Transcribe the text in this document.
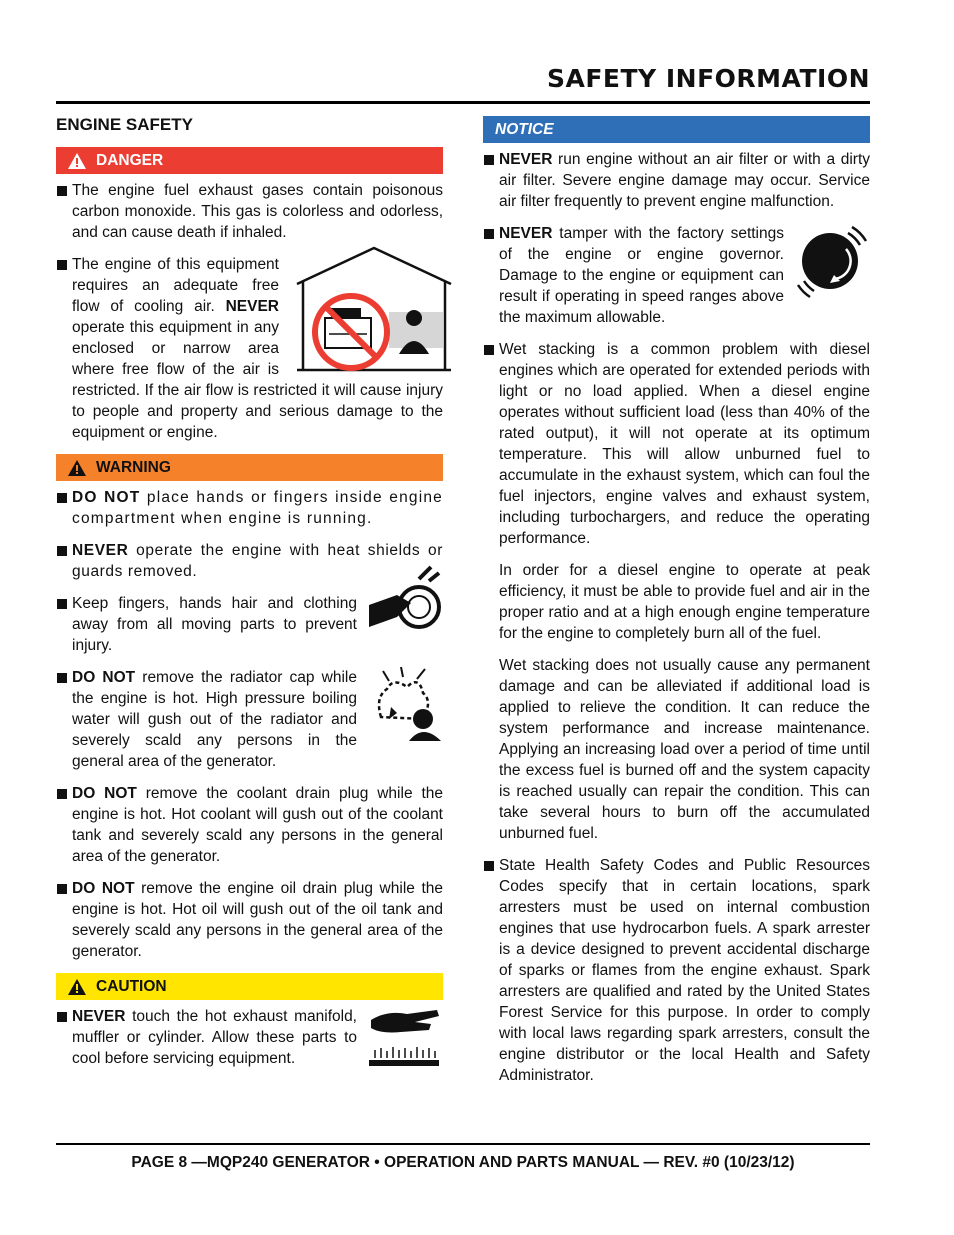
SAFETY INFORMATION
ENGINE SAFETY
DANGER
The engine fuel exhaust gases contain poisonous carbon monoxide. This gas is colorless and odorless, and can cause death if inhaled.
The engine of this equipment requires an adequate free flow of cooling air. NEVER operate this equipment in any enclosed or narrow area where free flow of the air is restricted. If the air flow is restricted it will cause injury to people and property and serious damage to the equipment or engine.
WARNING
DO NOT place hands or fingers inside engine compartment when engine is running.
NEVER operate the engine with heat shields or guards removed.
Keep fingers, hands hair and clothing away from all moving parts to prevent injury.
DO NOT remove the radiator cap while the engine is hot. High pressure boiling water will gush out of the radiator and severely scald any persons in the general area of the generator.
DO NOT remove the coolant drain plug while the engine is hot. Hot coolant will gush out of the coolant tank and severely scald any persons in the general area of the generator.
DO NOT remove the engine oil drain plug while the engine is hot. Hot oil will gush out of the oil tank and severely scald any persons in the general area of the generator.
CAUTION
NEVER touch the hot exhaust manifold, muffler or cylinder. Allow these parts to cool before servicing equipment.
NOTICE
NEVER run engine without an air filter or with a dirty air filter. Severe engine damage may occur. Service air filter frequently to prevent engine malfunction.
NEVER tamper with the factory settings of the engine or engine governor. Damage to the engine or equipment can result if operating in speed ranges above the maximum allowable.
Wet stacking is a common problem with diesel engines which are operated for extended periods with light or no load applied. When a diesel engine operates without sufficient load (less than 40% of the rated output), it will not operate at its optimum temperature. This will allow unburned fuel to accumulate in the exhaust system, which can foul the fuel injectors, engine valves and exhaust system, including turbochargers, and reduce the operating performance.
In order for a diesel engine to operate at peak efficiency, it must be able to provide fuel and air in the proper ratio and at a high enough engine temperature for the engine to completely burn all of the fuel.
Wet stacking does not usually cause any permanent damage and can be alleviated if additional load is applied to relieve the condition. It can reduce the system performance and increase maintenance. Applying an increasing load over a period of time until the excess fuel is burned off and the system capacity is reached usually can repair the condition. This can take several hours to burn off the accumulated unburned fuel.
State Health Safety Codes and Public Resources Codes specify that in certain locations, spark arresters must be used on internal combustion engines that use hydrocarbon fuels. A spark arrester is a device designed to prevent accidental discharge of sparks or flames from the engine exhaust. Spark arresters are qualified and rated by the United States Forest Service for this purpose. In order to comply with local laws regarding spark arresters, consult the engine distributor or the local Health and Safety Administrator.
PAGE 8 —MQP240 GENERATOR • OPERATION AND PARTS MANUAL — REV. #0 (10/23/12)
